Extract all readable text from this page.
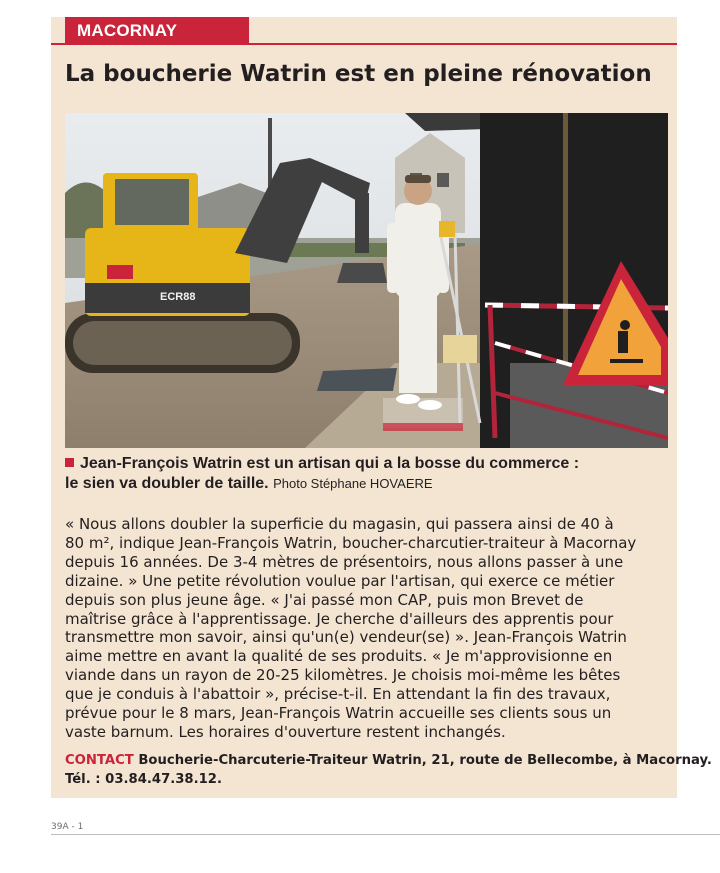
MACORNAY
La boucherie Watrin est en pleine rénovation
ECR88
Jean-François Watrin est un artisan qui a la bosse du commerce :
le sien va doubler de taille. Photo Stéphane HOVAERE
« Nous allons doubler la superficie du magasin, qui passera ainsi de 40 à
80 m², indique Jean-François Watrin, boucher-charcutier-traiteur à Macornay
depuis 16 années. De 3-4 mètres de présentoirs, nous allons passer à une
dizaine. » Une petite révolution voulue par l'artisan, qui exerce ce métier
depuis son plus jeune âge. « J'ai passé mon CAP, puis mon Brevet de
maîtrise grâce à l'apprentissage. Je cherche d'ailleurs des apprentis pour
transmettre mon savoir, ainsi qu'un(e) vendeur(se) ». Jean-François Watrin
aime mettre en avant la qualité de ses produits. « Je m'approvisionne en
viande dans un rayon de 20-25 kilomètres. Je choisis moi-même les bêtes
que je conduis à l'abattoir », précise-t-il. En attendant la fin des travaux,
prévue pour le 8 mars, Jean-François Watrin accueille ses clients sous un
vaste barnum. Les horaires d'ouverture restent inchangés.
CONTACT Boucherie-Charcuterie-Traiteur Watrin, 21, route de Bellecombe, à Macornay.
Tél. : 03.84.47.38.12.
39A - 1
